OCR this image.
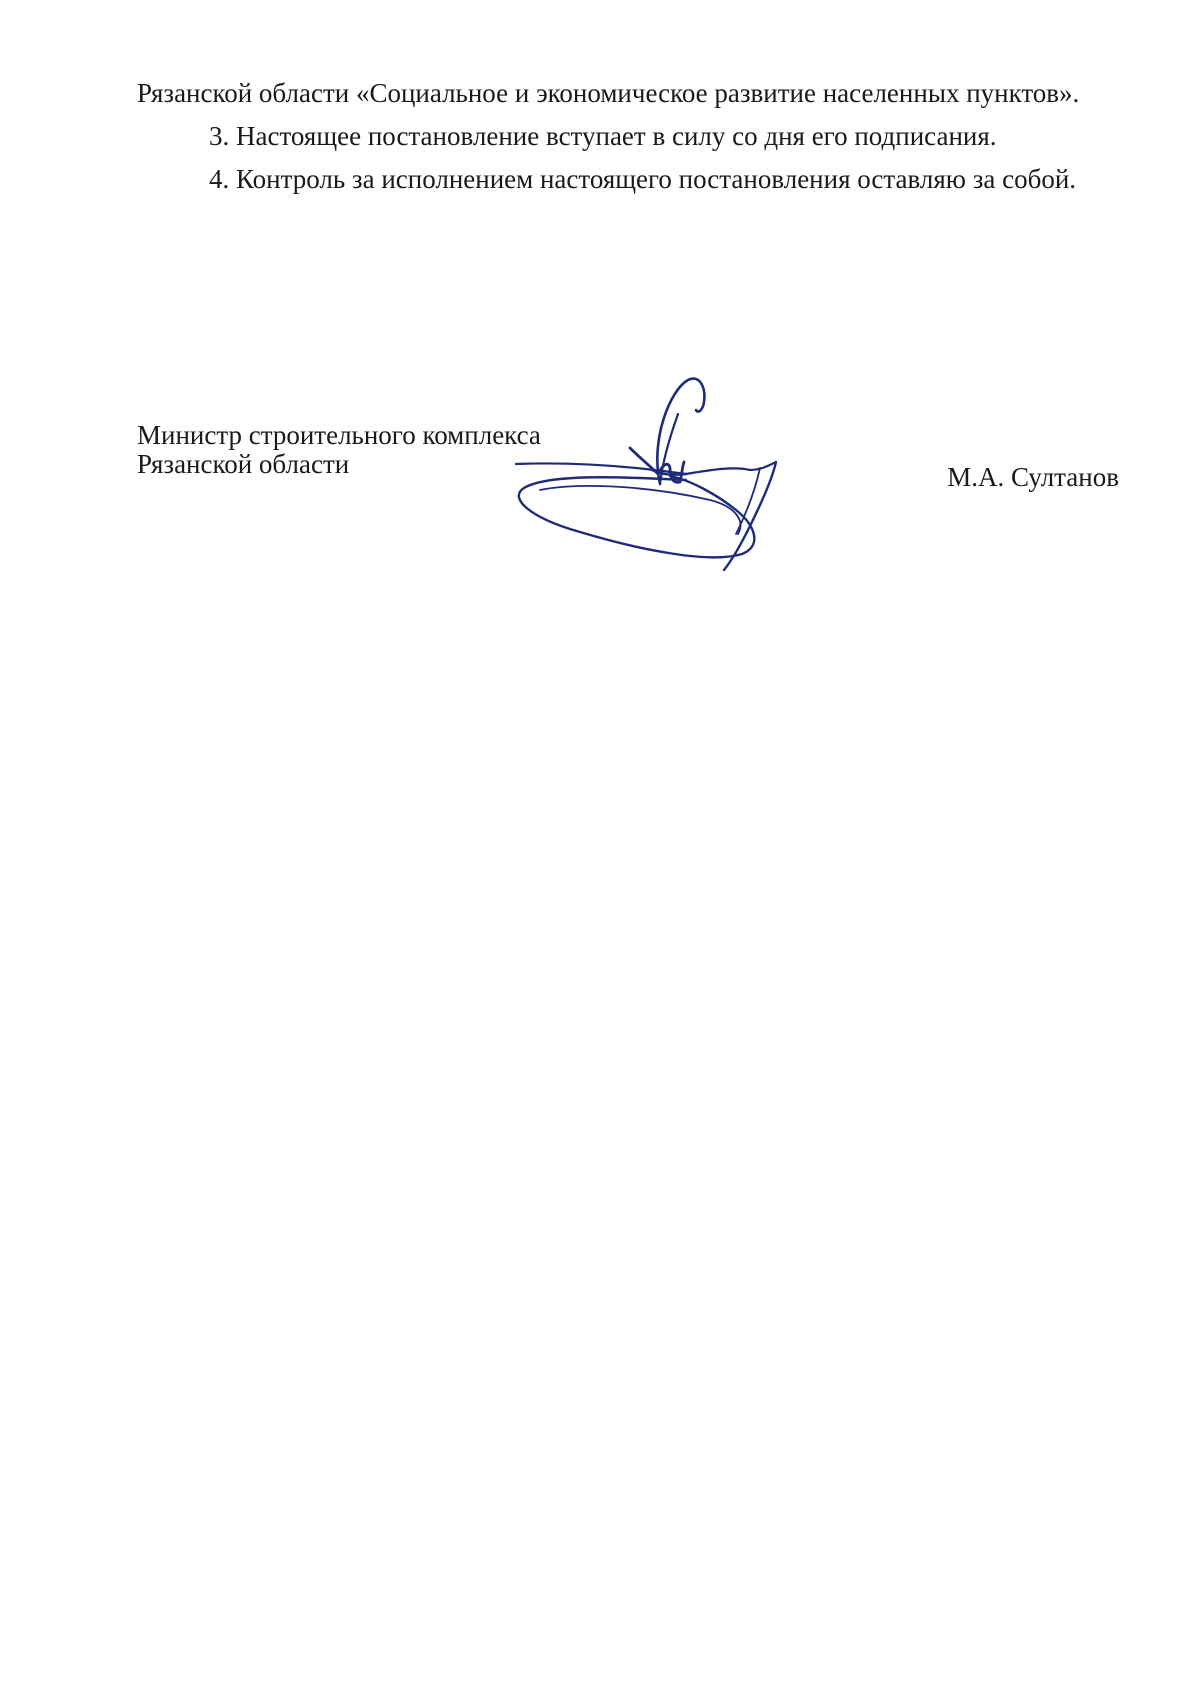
Рязанской области «Социальное и экономическое развитие населенных пунктов».

3. Настоящее постановление вступает в силу со дня его подписания.

4. Контроль за исполнением настоящего постановления оставляю за собой.

Министр строительного комплекса
Рязанской области	М.А. Султанов
